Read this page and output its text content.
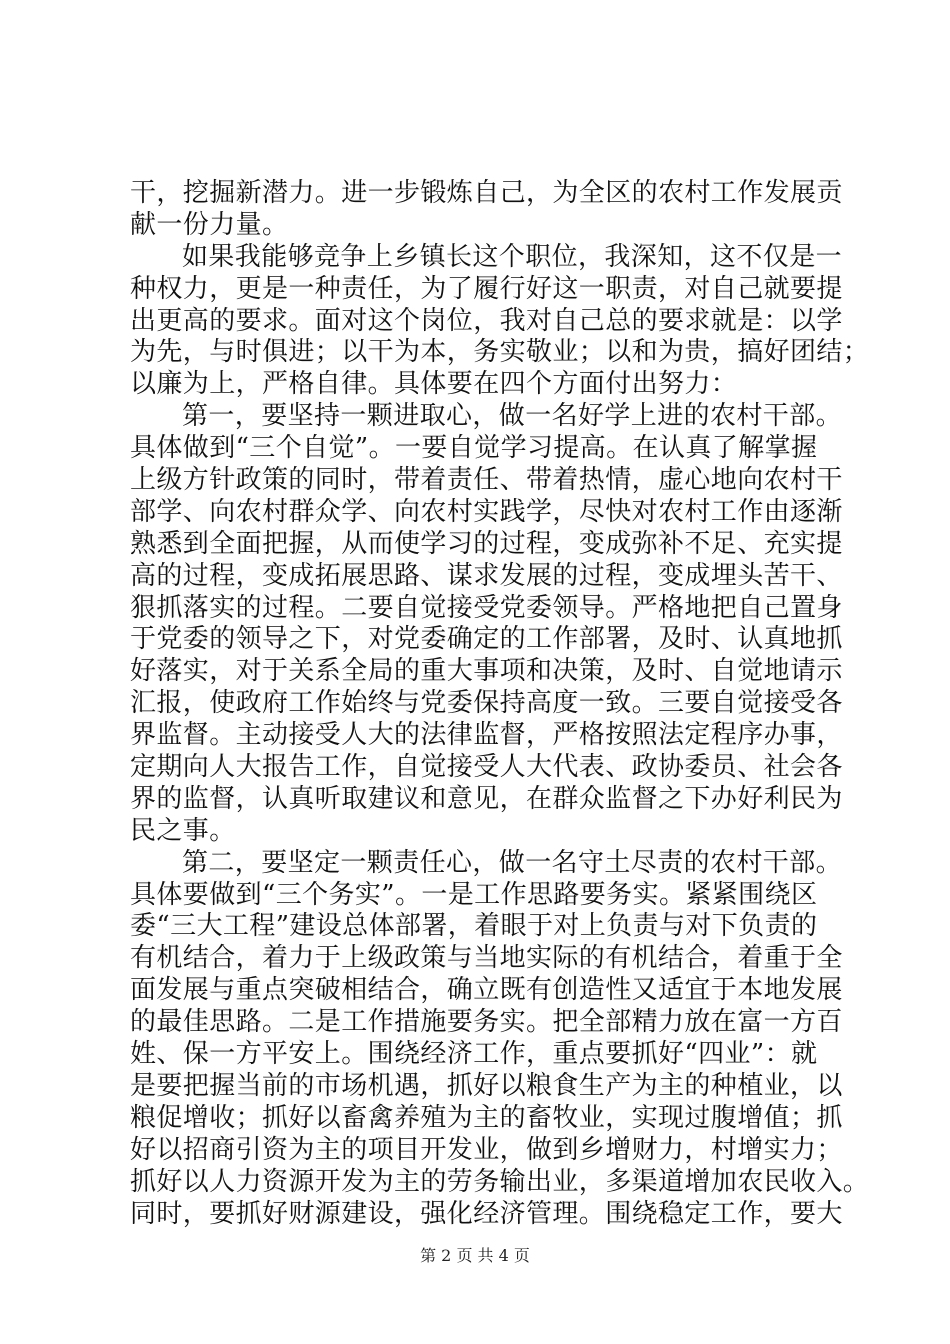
干，挖掘新潜力。进一步锻炼自己，为全区的农村工作发展贡
献一份力量。
如果我能够竞争上乡镇长这个职位，我深知，这不仅是一
种权力，更是一种责任，为了履行好这一职责，对自己就要提
出更高的要求。面对这个岗位，我对自己总的要求就是：以学
为先，与时俱进；以干为本，务实敬业；以和为贵，搞好团结；
以廉为上，严格自律。具体要在四个方面付出努力：
第一，要坚持一颗进取心，做一名好学上进的农村干部。
具体做到“三个自觉”。一要自觉学习提高。在认真了解掌握
上级方针政策的同时，带着责任、带着热情，虚心地向农村干
部学、向农村群众学、向农村实践学，尽快对农村工作由逐渐
熟悉到全面把握，从而使学习的过程，变成弥补不足、充实提
高的过程，变成拓展思路、谋求发展的过程，变成埋头苦干、
狠抓落实的过程。二要自觉接受党委领导。严格地把自己置身
于党委的领导之下，对党委确定的工作部署，及时、认真地抓
好落实，对于关系全局的重大事项和决策，及时、自觉地请示
汇报，使政府工作始终与党委保持高度一致。三要自觉接受各
界监督。主动接受人大的法律监督，严格按照法定程序办事，
定期向人大报告工作，自觉接受人大代表、政协委员、社会各
界的监督，认真听取建议和意见，在群众监督之下办好利民为
民之事。
第二，要坚定一颗责任心，做一名守土尽责的农村干部。
具体要做到“三个务实”。一是工作思路要务实。紧紧围绕区
委“三大工程”建设总体部署，着眼于对上负责与对下负责的
有机结合，着力于上级政策与当地实际的有机结合，着重于全
面发展与重点突破相结合，确立既有创造性又适宜于本地发展
的最佳思路。二是工作措施要务实。把全部精力放在富一方百
姓、保一方平安上。围绕经济工作，重点要抓好“四业”：就
是要把握当前的市场机遇，抓好以粮食生产为主的种植业，以
粮促增收；抓好以畜禽养殖为主的畜牧业，实现过腹增值；抓
好以招商引资为主的项目开发业，做到乡增财力，村增实力；
抓好以人力资源开发为主的劳务输出业，多渠道增加农民收入。
同时，要抓好财源建设，强化经济管理。围绕稳定工作，要大
第 2 页 共 4 页
